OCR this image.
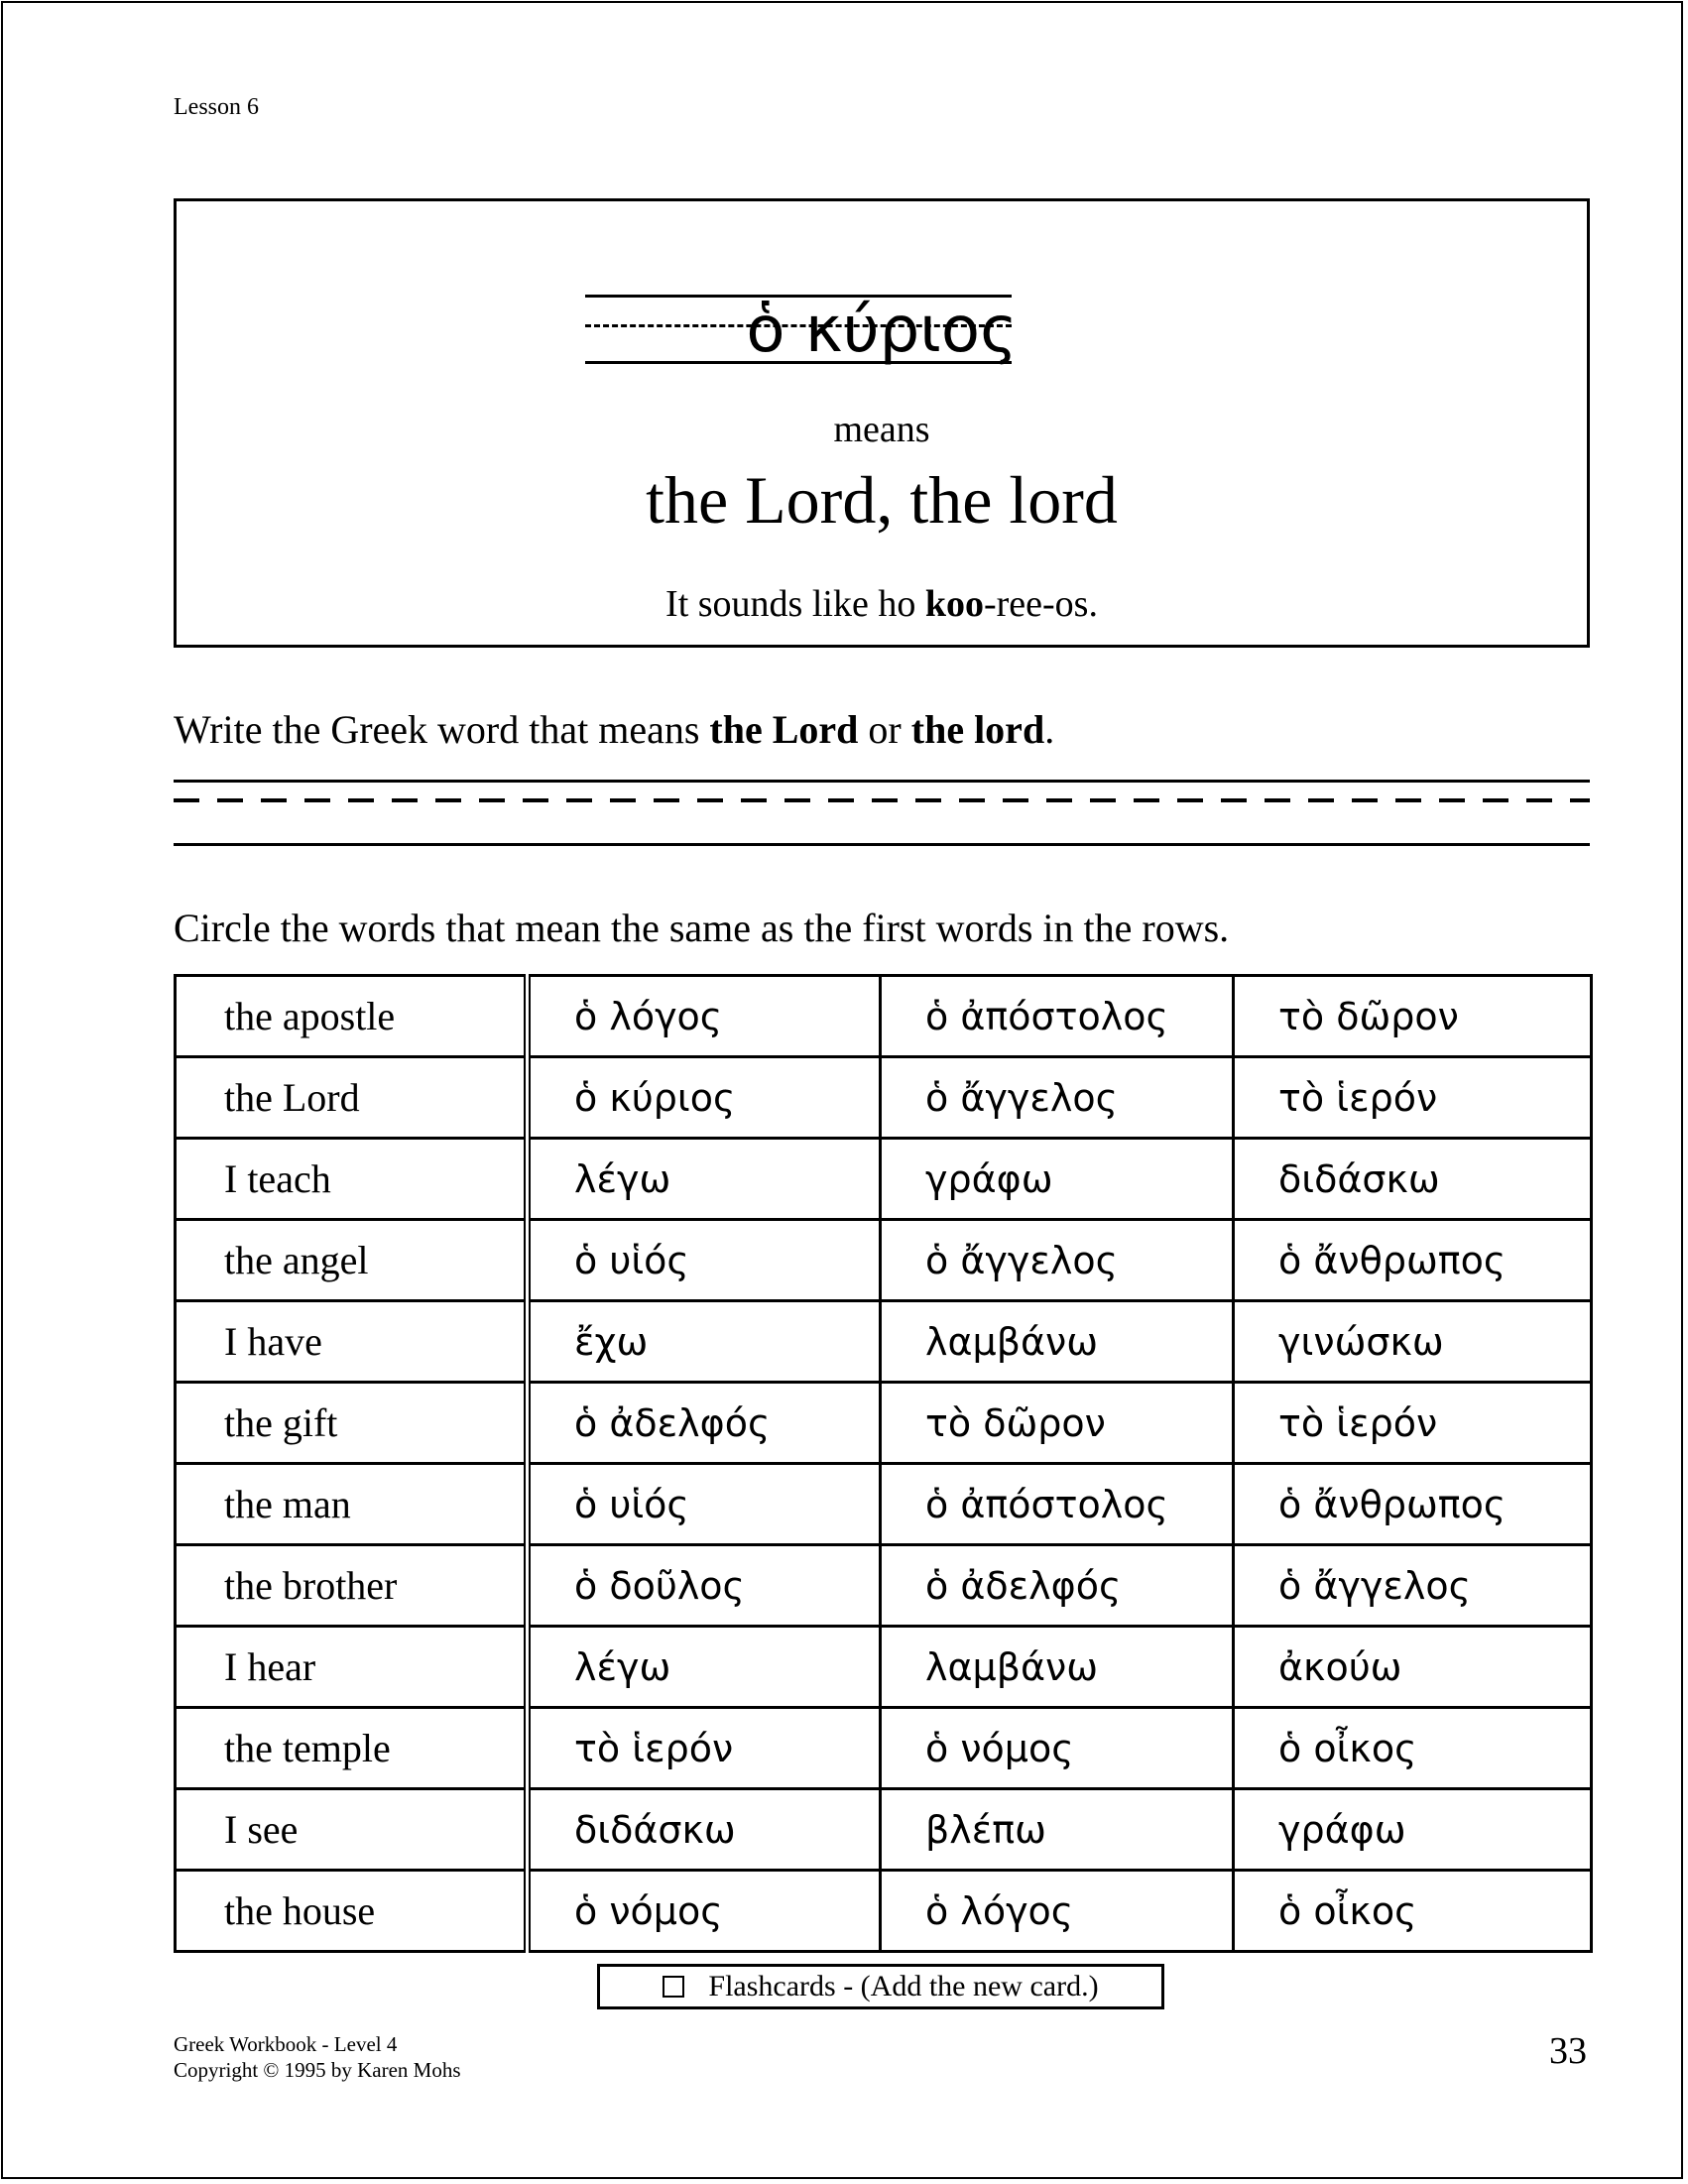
Lesson 6
ὁ κύριος
means
the Lord, the lord
It sounds like ho koo-ree-os.
Write the Greek word that means the Lord or the lord.
Circle the words that mean the same as the first words in the rows.
the apostle	ὁ λόγος	ὁ ἀπόστολος	τὸ δῶρον
the Lord	ὁ κύριος	ὁ ἄγγελος	τὸ ἱερόν
I teach	λέγω	γράφω	διδάσκω
the angel	ὁ υἱός	ὁ ἄγγελος	ὁ ἄνθρωπος
I have	ἔχω	λαμβάνω	γινώσκω
the gift	ὁ ἀδελφός	τὸ δῶρον	τὸ ἱερόν
the man	ὁ υἱός	ὁ ἀπόστολος	ὁ ἄνθρωπος
the brother	ὁ δοῦλος	ὁ ἀδελφός	ὁ ἄγγελος
I hear	λέγω	λαμβάνω	ἀκούω
the temple	τὸ ἱερόν	ὁ νόμος	ὁ οἶκος
I see	διδάσκω	βλέπω	γράφω
the house	ὁ νόμος	ὁ λόγος	ὁ οἶκος
Flashcards - (Add the new card.)
Greek Workbook - Level 4
Copyright © 1995 by Karen Mohs	33
